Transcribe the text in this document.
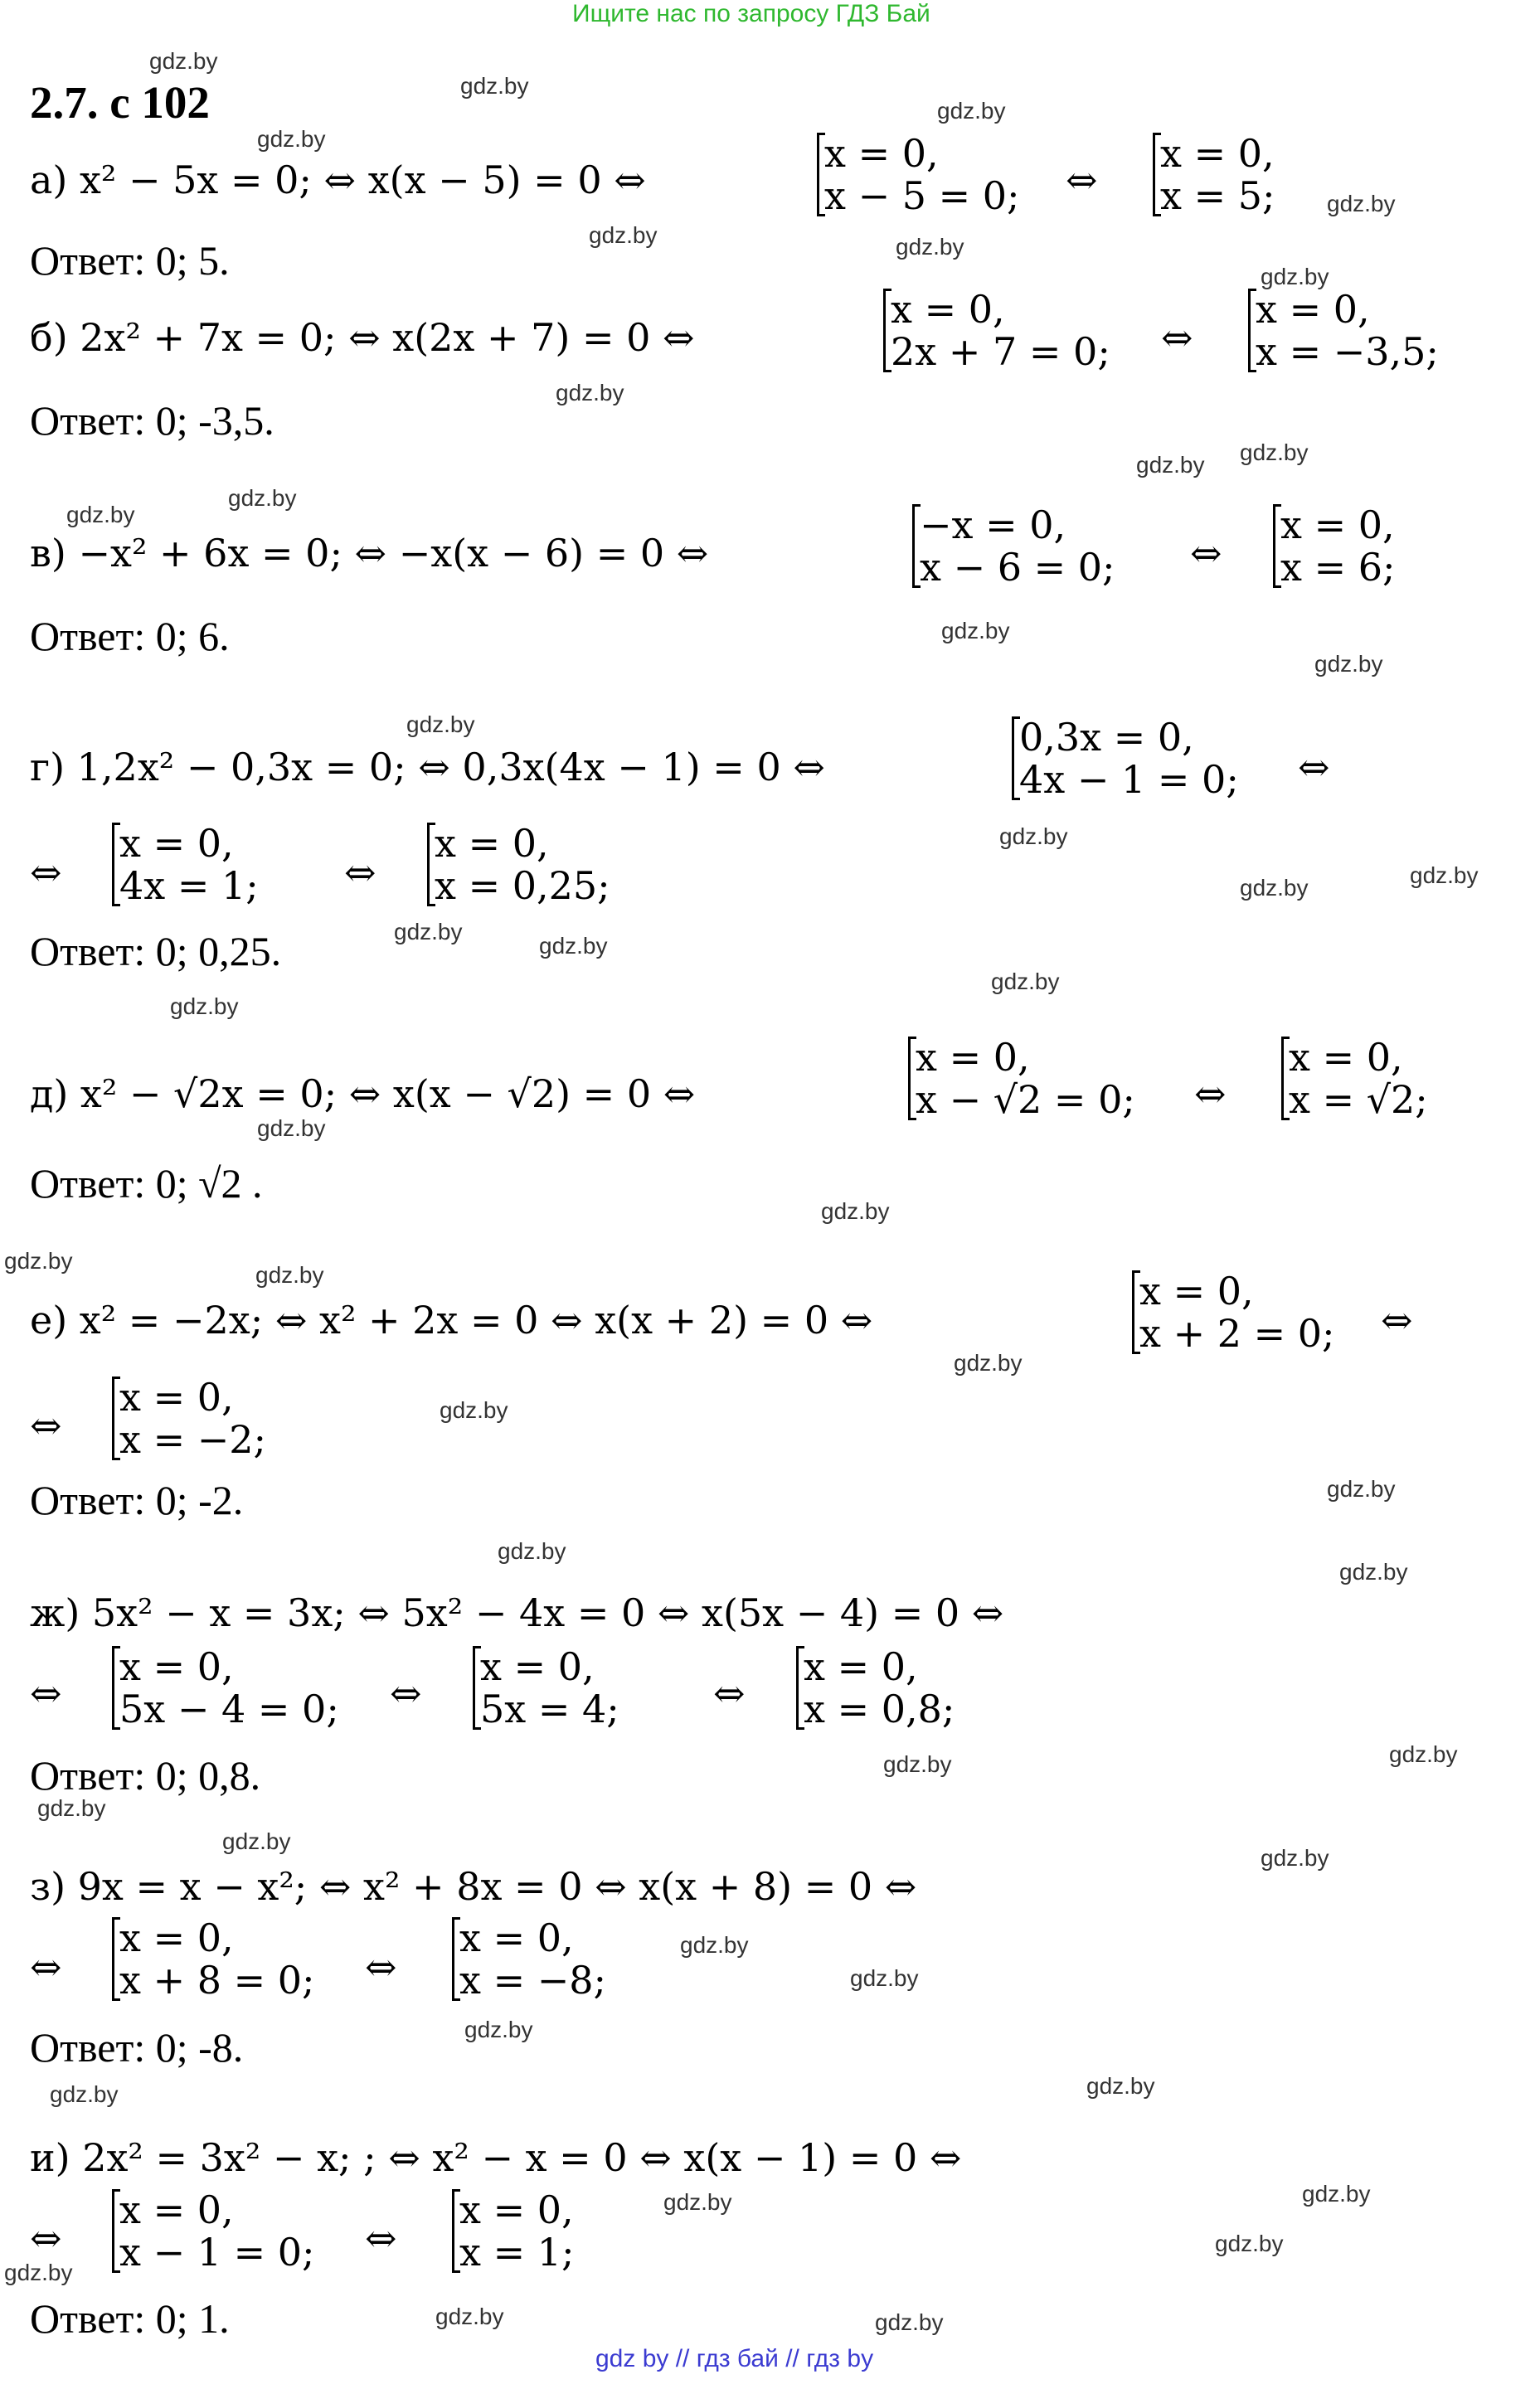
Ищите нас по запросу ГДЗ Бай
2.7. с 102
а) x² − 5x = 0; ⇔ x(x − 5) = 0 ⇔
x = 0,
x − 5 = 0; ⇔
x = 0,
x = 5;
Ответ: 0; 5.
б) 2x² + 7x = 0; ⇔ x(2x + 7) = 0 ⇔
x = 0,
2x + 7 = 0; ⇔
x = 0,
x = −3,5;
Ответ: 0; -3,5.
в) −x² + 6x = 0; ⇔ −x(x − 6) = 0 ⇔
−x = 0,
x − 6 = 0; ⇔
x = 0,
x = 6;
Ответ: 0; 6.
г) 1,2x² − 0,3x = 0; ⇔ 0,3x(4x − 1) = 0 ⇔
0,3x = 0,
4x − 1 = 0; ⇔
⇔
x = 0,
4x = 1; ⇔
x = 0,
x = 0,25;
Ответ: 0; 0,25.
д) x² − √2x = 0; ⇔ x(x − √2) = 0 ⇔
x = 0,
x − √2 = 0; ⇔
x = 0,
x = √2;
Ответ: 0; √2 .
е) x² = −2x; ⇔ x² + 2x = 0 ⇔ x(x + 2) = 0 ⇔
x = 0,
x + 2 = 0; ⇔
⇔
x = 0,
x = −2;
Ответ: 0; -2.
ж) 5x² − x = 3x; ⇔ 5x² − 4x = 0 ⇔ x(5x − 4) = 0 ⇔
⇔
x = 0,
5x − 4 = 0; ⇔
x = 0,
5x = 4; ⇔
x = 0,
x = 0,8;
Ответ: 0; 0,8.
з) 9x = x − x²; ⇔ x² + 8x = 0 ⇔ x(x + 8) = 0 ⇔
⇔
x = 0,
x + 8 = 0; ⇔
x = 0,
x = −8;
Ответ: 0; -8.
и) 2x² = 3x² − x; ; ⇔ x² − x = 0 ⇔ x(x − 1) = 0 ⇔
⇔
x = 0,
x − 1 = 0; ⇔
x = 0,
x = 1;
Ответ: 0; 1.
gdz.by
gdz.by
gdz.by
gdz.by
gdz.by
gdz.by	gdz.by
gdz.by
gdz.by
gdz.by
gdz.by
gdz.by
gdz.by
gdz.by
gdz.by
gdz.by
gdz.by
gdz.by
gdz.by
gdz.by
gdz.by
gdz.by
gdz.by
gdz.by
gdz.by
gdz.by
gdz.by
gdz.by
gdz.by
gdz.by
gdz.by
gdz.by
gdz.by	gdz.by
gdz.by
gdz.by
gdz.by
gdz.by
gdz.by
gdz.by
gdz.by	gdz.by
gdz.by
gdz.by
gdz.by
gdz.by
gdz.by	gdz.by
gdz by // гдз бай // гдз by
